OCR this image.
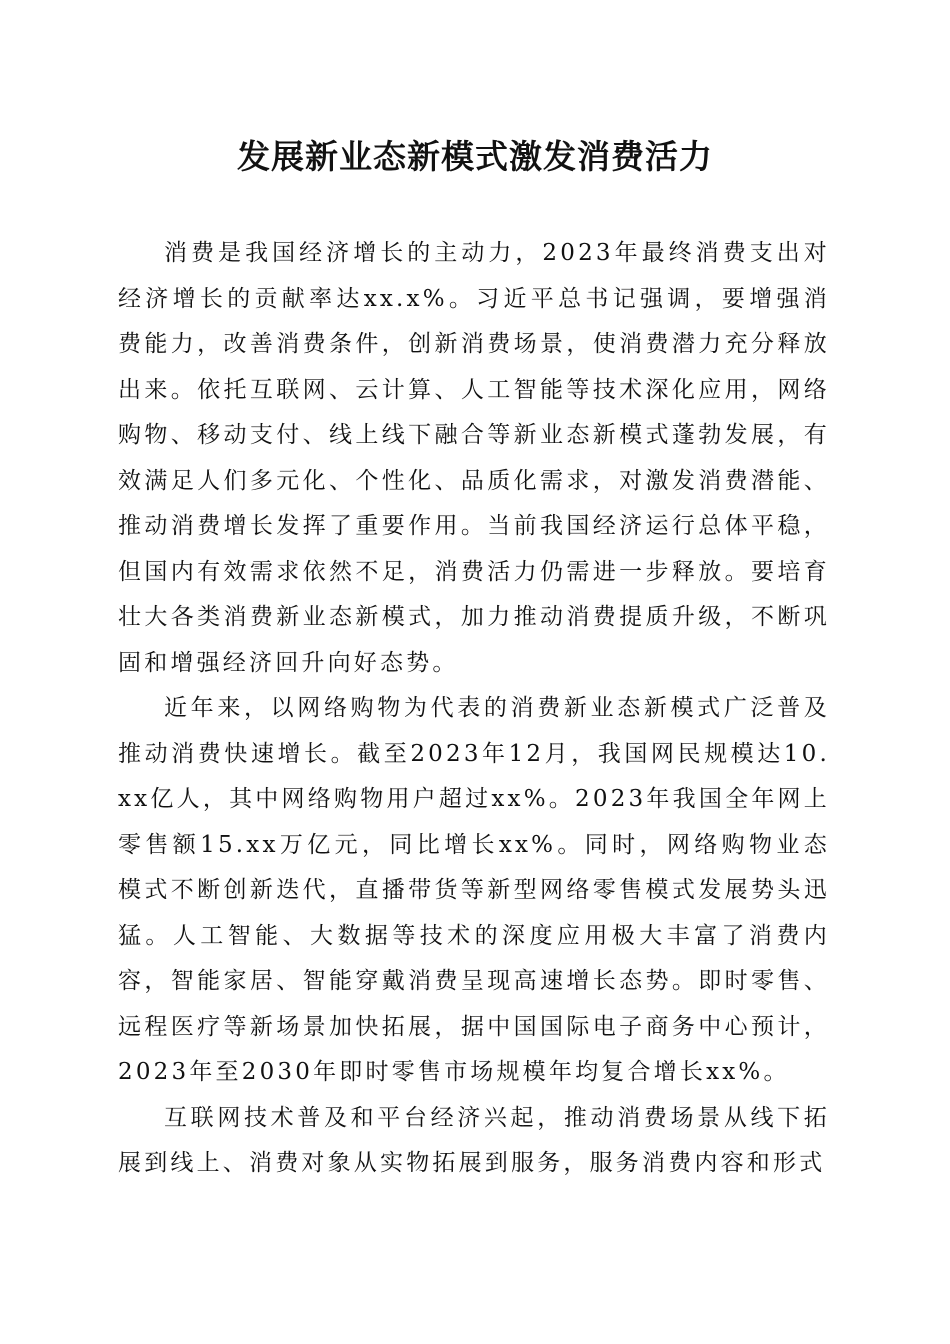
发展新业态新模式激发消费活力

消费是我国经济增长的主动力，2023年最终消费支出对经济增长的贡献率达xx.x%。习近平总书记强调，要增强消费能力，改善消费条件，创新消费场景，使消费潜力充分释放出来。依托互联网、云计算、人工智能等技术深化应用，网络购物、移动支付、线上线下融合等新业态新模式蓬勃发展，有效满足人们多元化、个性化、品质化需求，对激发消费潜能、推动消费增长发挥了重要作用。当前我国经济运行总体平稳，但国内有效需求依然不足，消费活力仍需进一步释放。要培育壮大各类消费新业态新模式，加力推动消费提质升级，不断巩固和增强经济回升向好态势。

近年来，以网络购物为代表的消费新业态新模式广泛普及推动消费快速增长。截至2023年12月，我国网民规模达10.xx亿人，其中网络购物用户超过xx%。2023年我国全年网上零售额15.xx万亿元，同比增长xx%。同时，网络购物业态模式不断创新迭代，直播带货等新型网络零售模式发展势头迅猛。人工智能、大数据等技术的深度应用极大丰富了消费内容，智能家居、智能穿戴消费呈现高速增长态势。即时零售、远程医疗等新场景加快拓展，据中国国际电子商务中心预计，2023年至2030年即时零售市场规模年均复合增长xx%。

互联网技术普及和平台经济兴起，推动消费场景从线下拓展到线上、消费对象从实物拓展到服务，服务消费内容和形式
